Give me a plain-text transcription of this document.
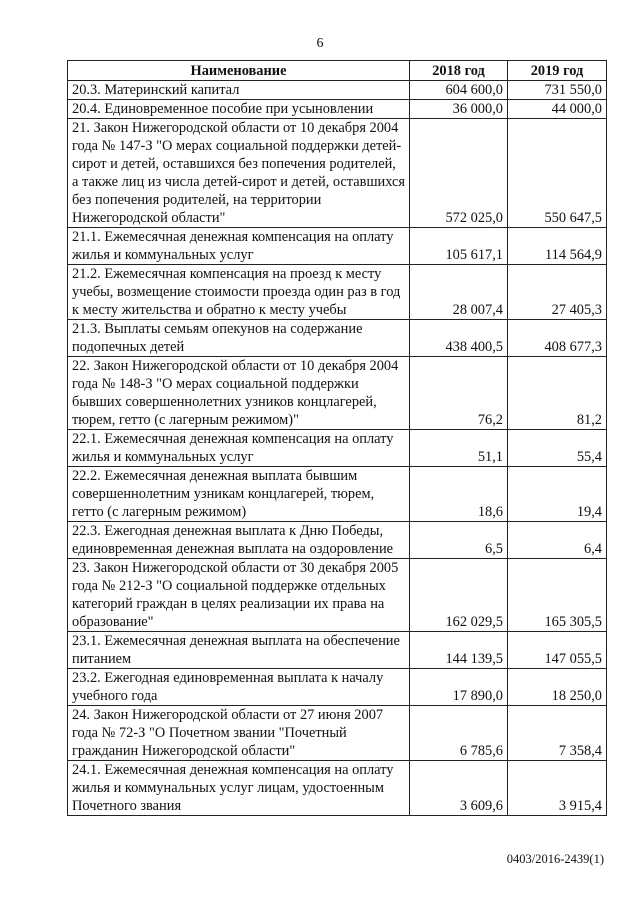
6
Наименование	2018 год	2019 год
20.3. Материнский капитал	604 600,0	731 550,0
20.4. Единовременное пособие при усыновлении	36 000,0	44 000,0
21. Закон Нижегородской области от 10 декабря 2004 года № 147-З "О мерах социальной поддержки детей-сирот и детей, оставшихся без попечения родителей, а также лиц из числа детей-сирот и детей, оставшихся без попечения родителей, на территории Нижегородской области"	572 025,0	550 647,5
21.1. Ежемесячная денежная компенсация на оплату жилья и коммунальных услуг	105 617,1	114 564,9
21.2. Ежемесячная компенсация на проезд к месту учебы, возмещение стоимости проезда один раз в год к месту жительства и обратно к месту учебы	28 007,4	27 405,3
21.3. Выплаты семьям опекунов на содержание подопечных детей	438 400,5	408 677,3
22. Закон Нижегородской области от 10 декабря 2004 года № 148-З "О мерах социальной поддержки бывших совершеннолетних узников концлагерей, тюрем, гетто (с лагерным режимом)"	76,2	81,2
22.1. Ежемесячная денежная компенсация на оплату жилья и коммунальных услуг	51,1	55,4
22.2. Ежемесячная денежная выплата бывшим совершеннолетним узникам концлагерей, тюрем, гетто (с лагерным режимом)	18,6	19,4
22.3. Ежегодная денежная выплата к Дню Победы, единовременная денежная выплата на оздоровление	6,5	6,4
23. Закон Нижегородской области от 30 декабря 2005 года № 212-З "О социальной поддержке отдельных категорий граждан в целях реализации их права на образование"	162 029,5	165 305,5
23.1. Ежемесячная денежная выплата на обеспечение питанием	144 139,5	147 055,5
23.2. Ежегодная единовременная выплата к началу учебного года	17 890,0	18 250,0
24. Закон Нижегородской области от 27 июня 2007 года № 72-З "О Почетном звании "Почетный гражданин Нижегородской области"	6 785,6	7 358,4
24.1. Ежемесячная денежная компенсация на оплату жилья и коммунальных услуг лицам, удостоенным Почетного звания	3 609,6	3 915,4
0403/2016-2439(1)
